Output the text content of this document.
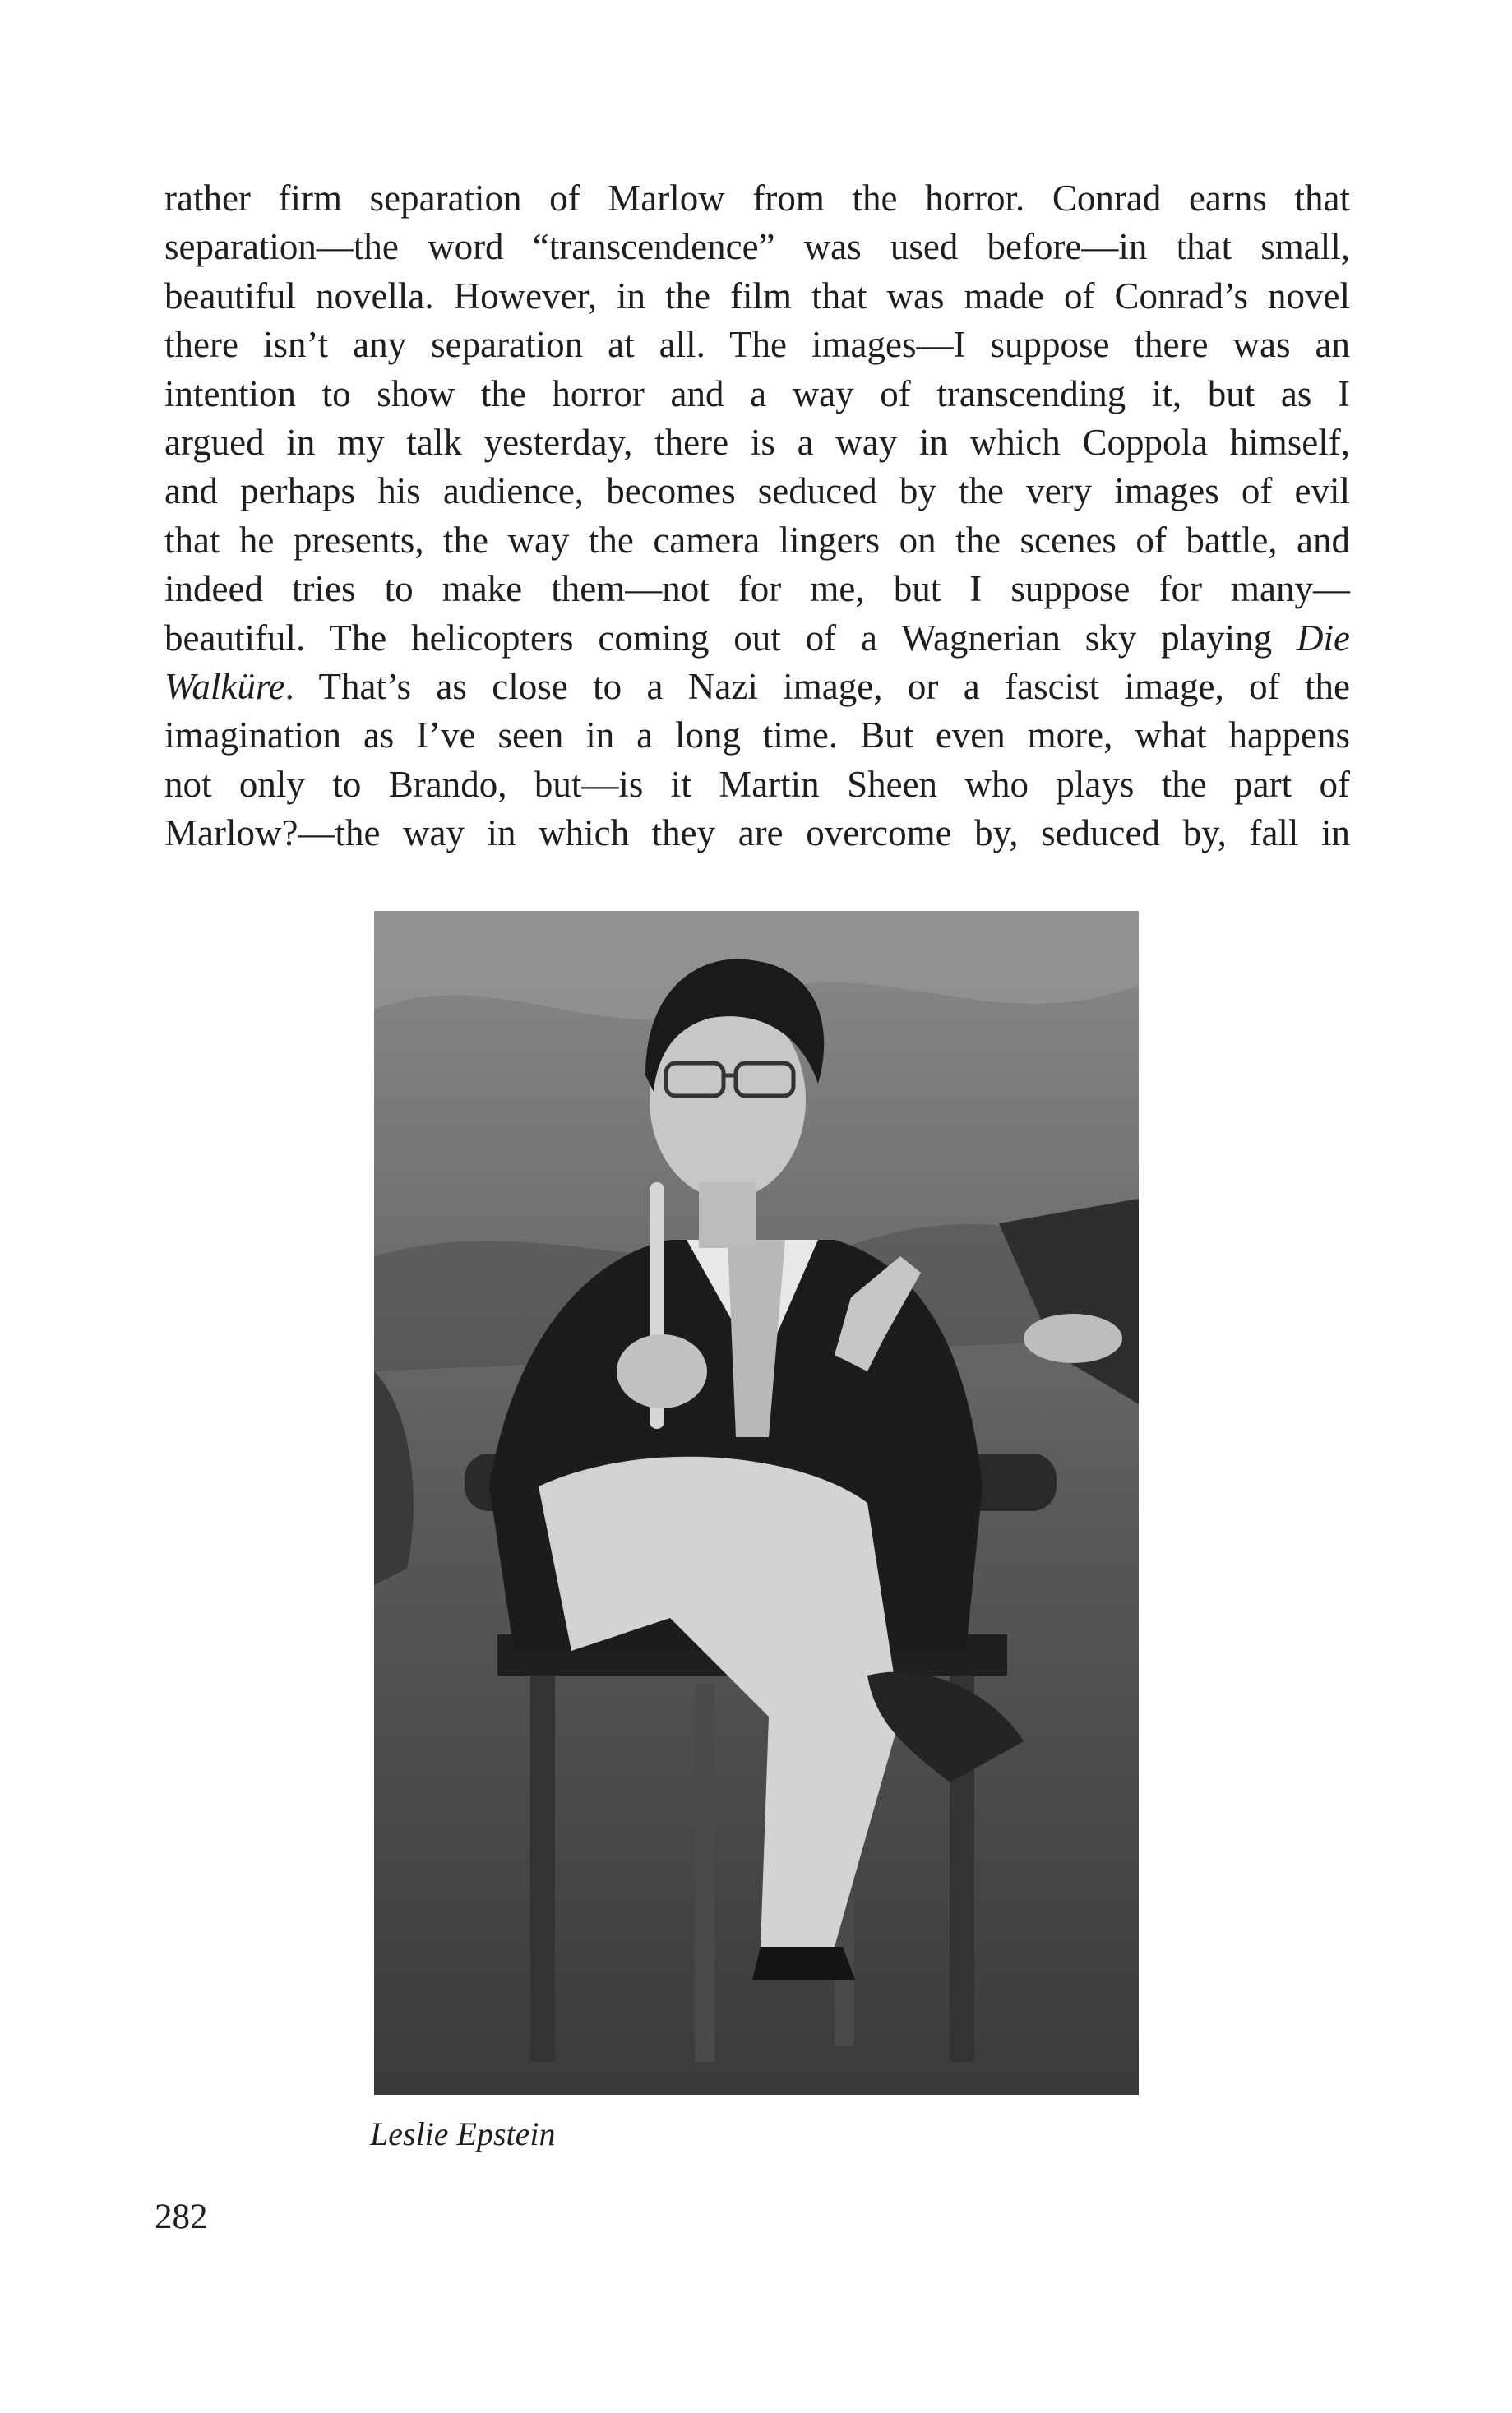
rather firm separation of Marlow from the horror. Conrad earns that
separation—the word “transcendence” was used before—in that small,
beautiful novella. However, in the film that was made of Conrad’s novel
there isn’t any separation at all. The images—I suppose there was an
intention to show the horror and a way of transcending it, but as I
argued in my talk yesterday, there is a way in which Coppola himself,
and perhaps his audience, becomes seduced by the very images of evil
that he presents, the way the camera lingers on the scenes of battle, and
indeed tries to make them—not for me, but I suppose for many—
beautiful. The helicopters coming out of a Wagnerian sky playing Die
Walküre. That’s as close to a Nazi image, or a fascist image, of the
imagination as I’ve seen in a long time. But even more, what happens
not only to Brando, but—is it Martin Sheen who plays the part of
Marlow?—the way in which they are overcome by, seduced by, fall in
Leslie Epstein
282
